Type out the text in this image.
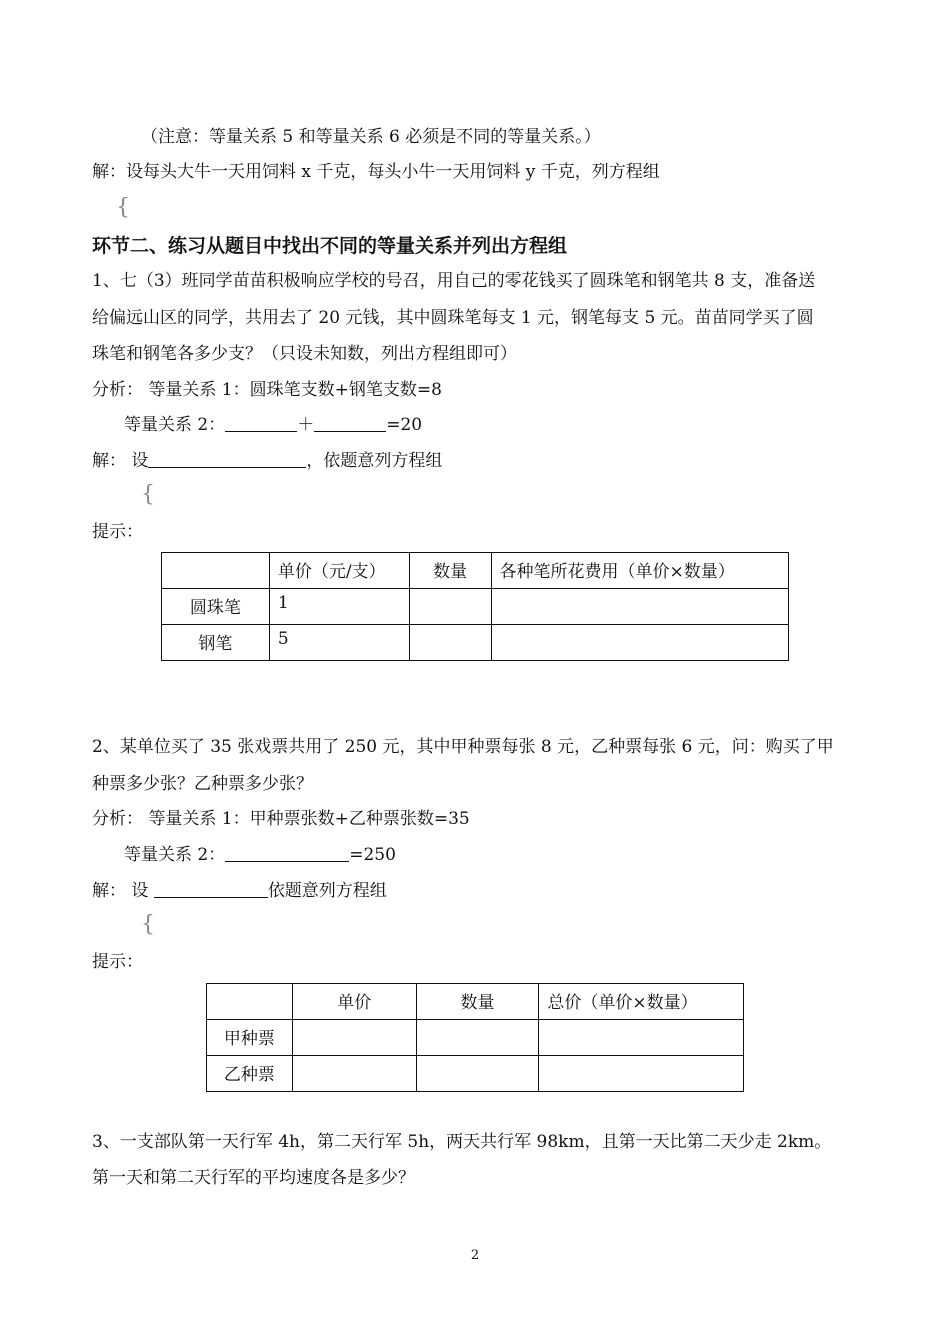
（注意：等量关系 5 和等量关系 6 必须是不同的等量关系。）
解：设每头大牛一天用饲料 x 千克，每头小牛一天用饲料 y 千克，列方程组
{
环节二、练习从题目中找出不同的等量关系并列出方程组
1、七（3）班同学苗苗积极响应学校的号召，用自己的零花钱买了圆珠笔和钢笔共 8 支，准备送
给偏远山区的同学，共用去了 20 元钱，其中圆珠笔每支 1 元，钢笔每支 5 元。苗苗同学买了圆
珠笔和钢笔各多少支？（只设未知数，列出方程组即可）
分析： 等量关系 1：圆珠笔支数+钢笔支数=8
等量关系 2：	＋	=20
解： 设	，依题意列方程组
{
提示：
	单价（元/支）	数量	各种笔所花费用（单价×数量）
圆珠笔	1		
钢笔	5		
2、某单位买了 35 张戏票共用了 250 元，其中甲种票每张 8 元，乙种票每张 6 元，问：购买了甲
种票多少张？乙种票多少张？
分析： 等量关系 1：甲种票张数+乙种票张数=35
等量关系 2：	=250
解： 设	依题意列方程组
{
提示：
	单价	数量	总价（单价×数量）
甲种票			
乙种票			
3、一支部队第一天行军 4h，第二天行军 5h，两天共行军 98km，且第一天比第二天少走 2km。
第一天和第二天行军的平均速度各是多少？
2
